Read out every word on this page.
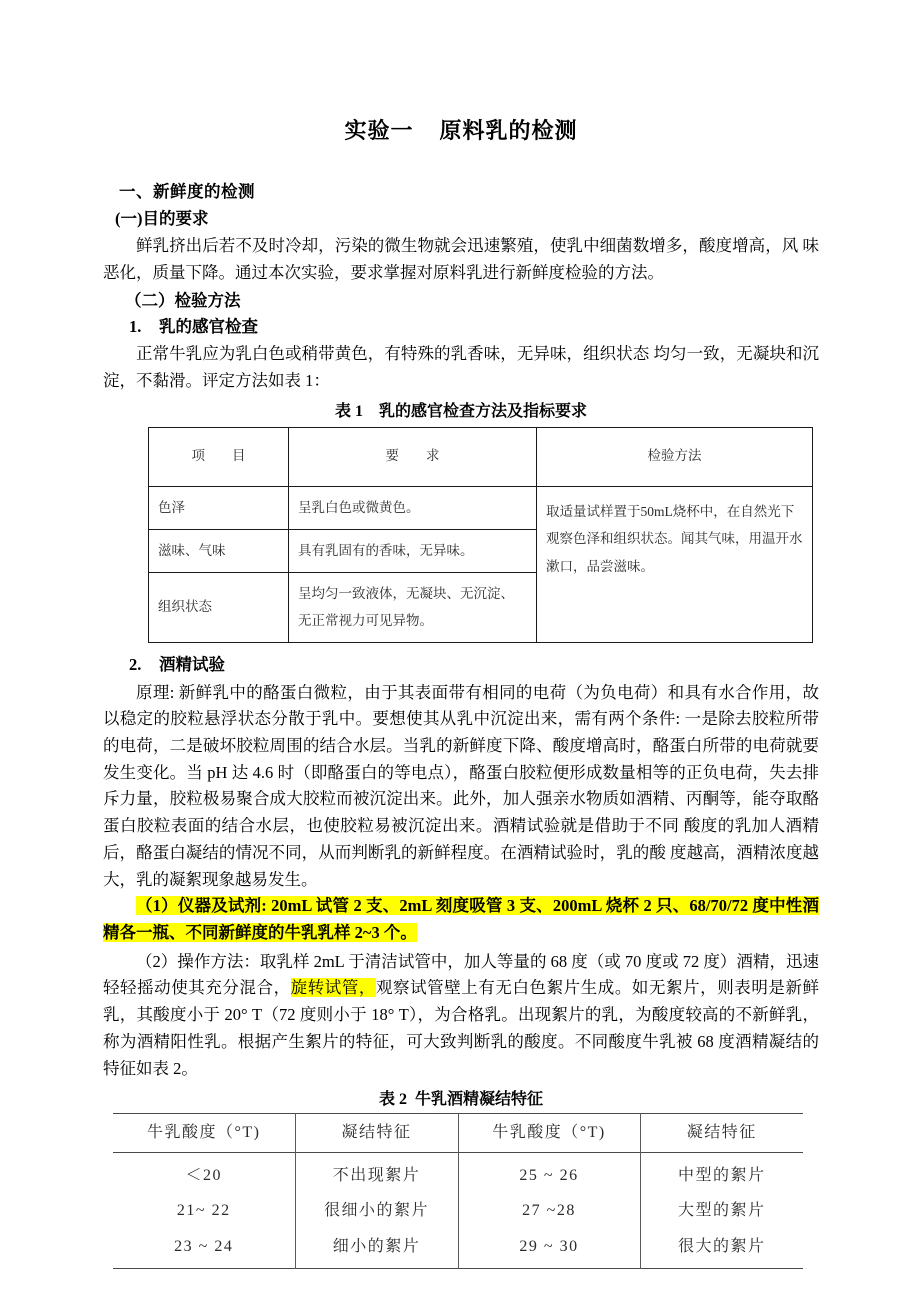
实验一    原料乳的检测
一、新鲜度的检测
(一)目的要求

鲜乳挤出后若不及时冷却，污染的微生物就会迅速繁殖，使乳中细菌数增多，酸度增高，风 味恶化，质量下降。通过本次实验，要求掌握对原料乳进行新鲜度检验的方法。

（二）检验方法
1. 乳的感官检查

正常牛乳应为乳白色或稍带黄色，有特殊的乳香味，无异味，组织状态 均匀一致，无凝块和沉淀，不黏滑。评定方法如表 1：

表 1    乳的感官检查方法及指标要求
项　　目	要　　求	检验方法
色泽	呈乳白色或微黄色。	取适量试样置于50mL烧杯中，在自然光下观察色泽和组织状态。闻其气味，用温开水漱口，品尝滋味。
滋味、气味	具有乳固有的香味，无异味。	
组织状态	呈均匀一致液体，无凝块、无沉淀、无正常视力可见异物。	
2. 酒精试验

原理: 新鲜乳中的酪蛋白微粒，由于其表面带有相同的电荷（为负电荷）和具有水合作用，故以稳定的胶粒悬浮状态分散于乳中。要想使其从乳中沉淀出来，需有两个条件: 一是除去胶粒所带的电荷，二是破坏胶粒周围的结合水层。当乳的新鲜度下降、酸度增高时，酪蛋白所带的电荷就要发生变化。当 pH 达 4.6 时（即酪蛋白的等电点），酪蛋白胶粒便形成数量相等的正负电荷，失去排斥力量，胶粒极易聚合成大胶粒而被沉淀出来。此外，加人强亲水物质如酒精、丙酮等，能夺取酪蛋白胶粒表面的结合水层，也使胶粒易被沉淀出来。酒精试验就是借助于不同 酸度的乳加人酒精后，酪蛋白凝结的情况不同，从而判断乳的新鲜程度。在酒精试验时，乳的酸 度越高，酒精浓度越大，乳的凝絮现象越易发生。

（1）仪器及试剂: 20mL 试管 2 支、2mL 刻度吸管 3 支、200mL 烧杯 2 只、68/70/72 度中性酒精各一瓶、不同新鲜度的牛乳乳样 2~3 个。

（2）操作方法：取乳样 2mL 于清洁试管中，加人等量的 68 度（或 70 度或 72 度）酒精，迅速轻轻摇动使其充分混合，旋转试管，观察试管壁上有无白色絮片生成。如无絮片，则表明是新鲜乳，其酸度小于 20° T（72 度则小于 18° T），为合格乳。出现絮片的乳，为酸度较高的不新鲜乳，称为酒精阳性乳。根据产生絮片的特征，可大致判断乳的酸度。不同酸度牛乳被 68 度酒精凝结的特征如表 2。

表 2  牛乳酒精凝结特征
牛乳酸度（°T)	凝结特征	牛乳酸度（°T)	凝结特征
＜20	不出现絮片	25 ~ 26	中型的絮片
21~ 22	很细小的絮片	27 ~28	大型的絮片
23 ~ 24	细小的絮片	29 ~ 30	很大的絮片
